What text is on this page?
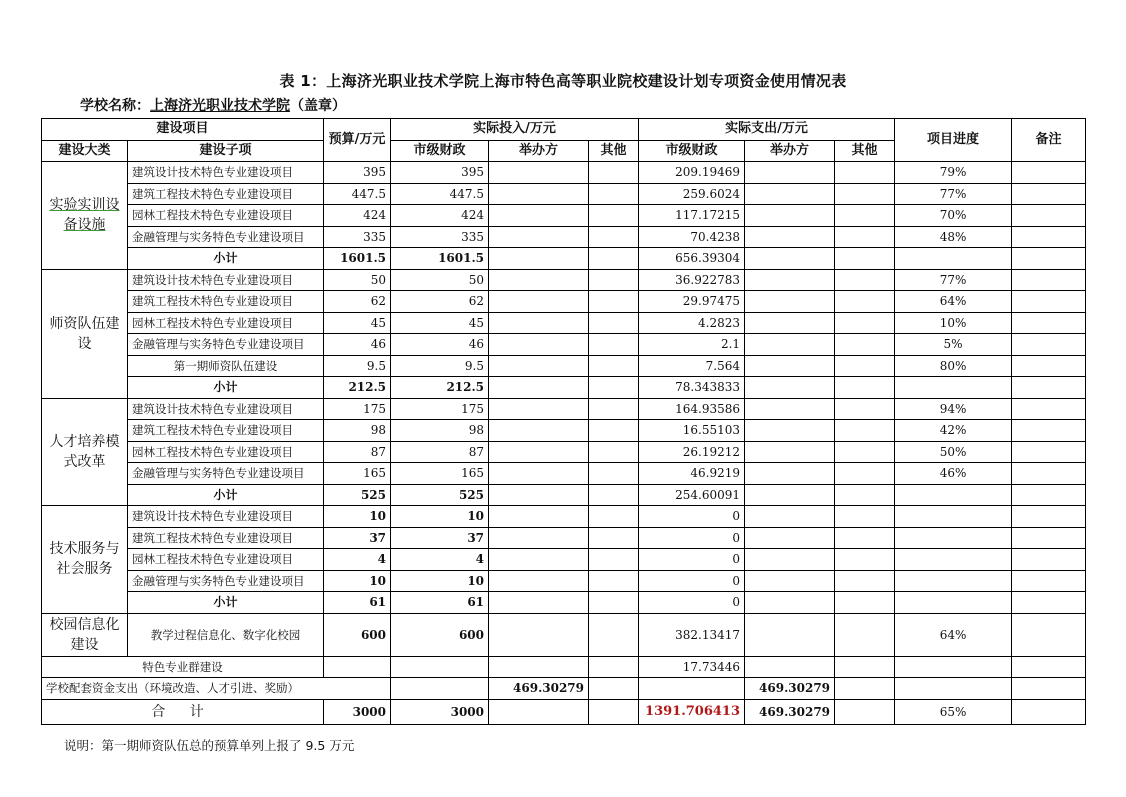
表 1：上海济光职业技术学院上海市特色高等职业院校建设计划专项资金使用情况表
学校名称：上海济光职业技术学院（盖章）
建设项目		预算/万元	实际投入/万元			实际支出/万元			项目进度	备注
建设大类	建设子项		市级财政	举办方	其他	市级财政	举办方	其他		
实验实训设备设施	建筑设计技术特色专业建设项目	395	395			209.19469			79%	
	建筑工程技术特色专业建设项目	447.5	447.5			259.6024			77%	
	园林工程技术特色专业建设项目	424	424			117.17215			70%	
	金融管理与实务特色专业建设项目	335	335			70.4238			48%	
	小计	1601.5	1601.5			656.39304				
师资队伍建设	建筑设计技术特色专业建设项目	50	50			36.922783			77%	
	建筑工程技术特色专业建设项目	62	62			29.97475			64%	
	园林工程技术特色专业建设项目	45	45			4.2823			10%	
	金融管理与实务特色专业建设项目	46	46			2.1			5%	
	第一期师资队伍建设	9.5	9.5			7.564			80%	
	小计	212.5	212.5			78.343833				
人才培养模式改革	建筑设计技术特色专业建设项目	175	175			164.93586			94%	
	建筑工程技术特色专业建设项目	98	98			16.55103			42%	
	园林工程技术特色专业建设项目	87	87			26.19212			50%	
	金融管理与实务特色专业建设项目	165	165			46.9219			46%	
	小计	525	525			254.60091				
技术服务与社会服务	建筑设计技术特色专业建设项目	10	10			0				
	建筑工程技术特色专业建设项目	37	37			0				
	园林工程技术特色专业建设项目	4	4			0				
	金融管理与实务特色专业建设项目	10	10			0				
	小计	61	61			0				
校园信息化建设	教学过程信息化、数字化校园	600	600			382.13417			64%	
特色专业群建设						17.73446				
学校配套资金支出（环境改造、人才引进、奖励）				469.30279			469.30279			
合 计		3000	3000			1391.706413	469.30279		65%	
说明：第一期师资队伍总的预算单列上报了 9.5 万元
